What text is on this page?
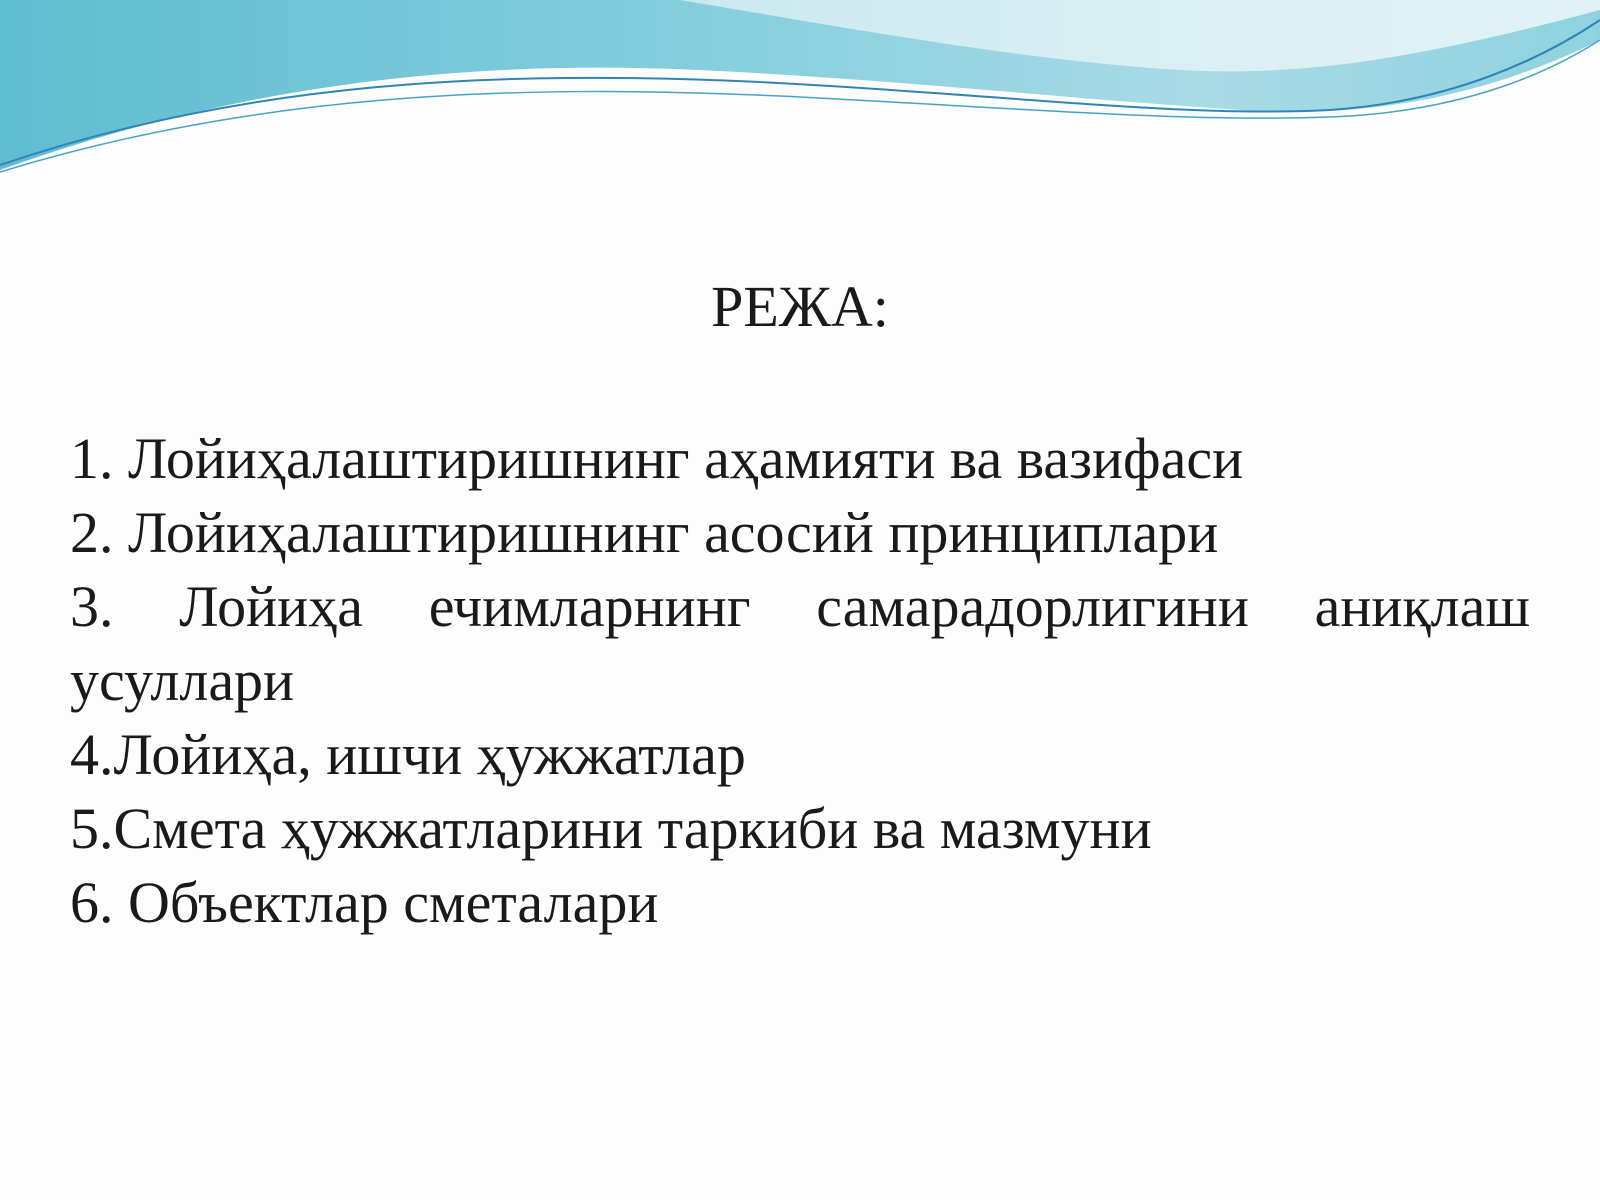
РЕЖА:
1. Лойиҳалаштиришнинг аҳамияти ва вазифаси
2. Лойиҳалаштиришнинг асосий принциплари
3. Лойиҳа ечимларнинг самарадорлигини аниқлаш усуллари
4.Лойиҳа, ишчи ҳужжатлар
5.Смета ҳужжатларини таркиби ва мазмуни
6. Объектлар сметалари
